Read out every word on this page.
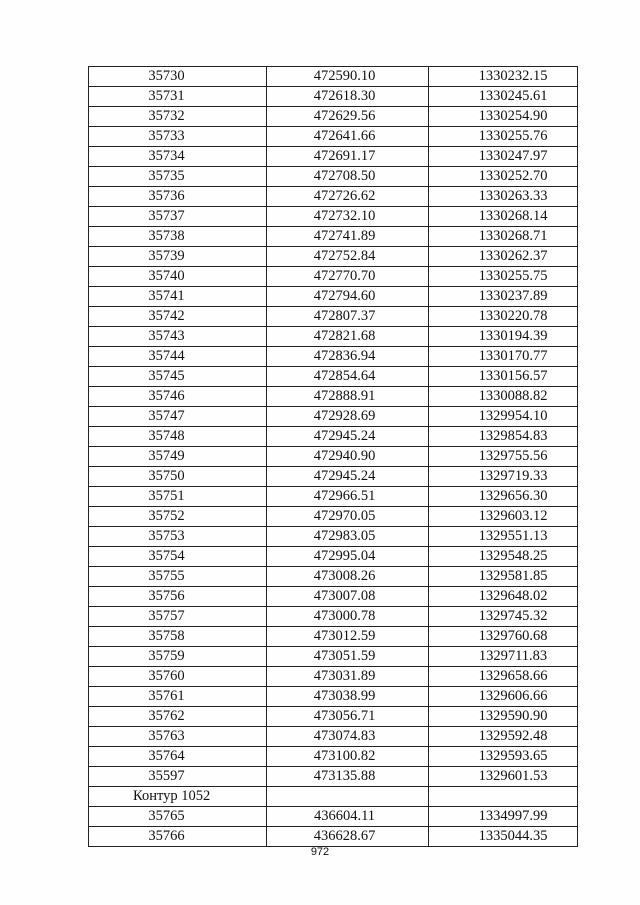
35730	472590.10	1330232.15
35731	472618.30	1330245.61
35732	472629.56	1330254.90
35733	472641.66	1330255.76
35734	472691.17	1330247.97
35735	472708.50	1330252.70
35736	472726.62	1330263.33
35737	472732.10	1330268.14
35738	472741.89	1330268.71
35739	472752.84	1330262.37
35740	472770.70	1330255.75
35741	472794.60	1330237.89
35742	472807.37	1330220.78
35743	472821.68	1330194.39
35744	472836.94	1330170.77
35745	472854.64	1330156.57
35746	472888.91	1330088.82
35747	472928.69	1329954.10
35748	472945.24	1329854.83
35749	472940.90	1329755.56
35750	472945.24	1329719.33
35751	472966.51	1329656.30
35752	472970.05	1329603.12
35753	472983.05	1329551.13
35754	472995.04	1329548.25
35755	473008.26	1329581.85
35756	473007.08	1329648.02
35757	473000.78	1329745.32
35758	473012.59	1329760.68
35759	473051.59	1329711.83
35760	473031.89	1329658.66
35761	473038.99	1329606.66
35762	473056.71	1329590.90
35763	473074.83	1329592.48
35764	473100.82	1329593.65
35597	473135.88	1329601.53
Контур 1052		
35765	436604.11	1334997.99
35766	436628.67	1335044.35
972
